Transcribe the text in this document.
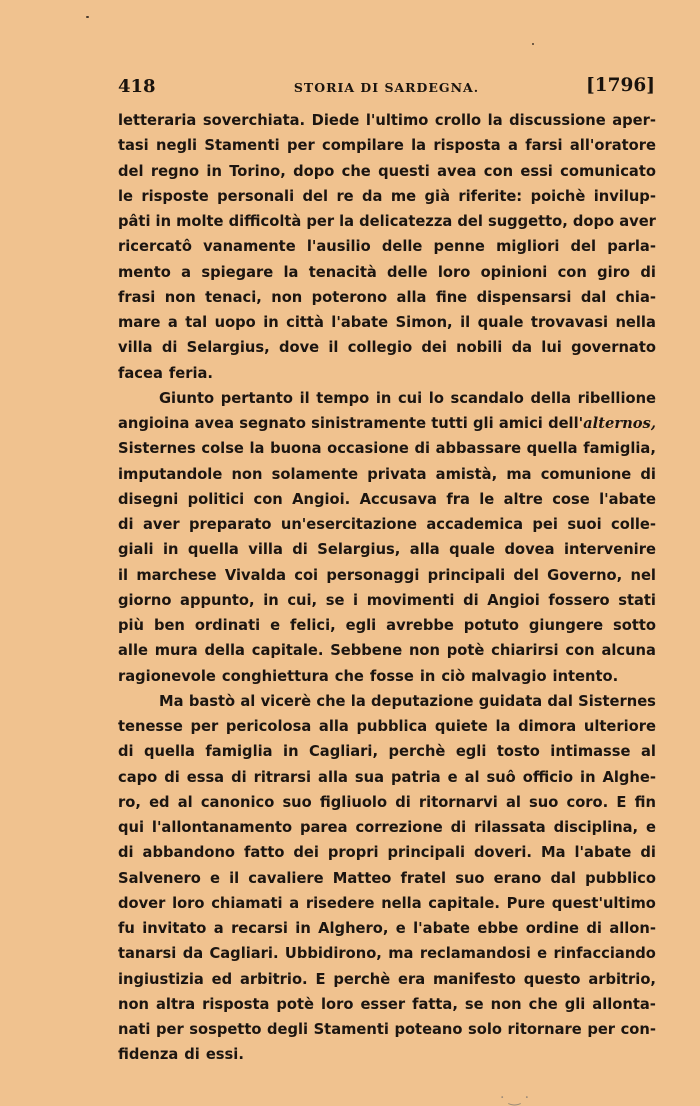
418	STORIA DI SARDEGNA.	[1796]
letteraria soverchiata. Diede l'ultimo crollo la discussione aper-
tasi negli Stamenti per compilare la risposta a farsi all'oratore
del regno in Torino, dopo che questi avea con essi comunicato
le risposte personali del re da me già riferite: poichè invilup-
pâti in molte difficoltà per la delicatezza del suggetto, dopo aver
ricercatô vanamente l'ausilio delle penne migliori del parla-
mento a spiegare la tenacità delle loro opinioni con giro di
frasi non tenaci, non poterono alla fine dispensarsi dal chia-
mare a tal uopo in città l'abate Simon, il quale trovavasi nella
villa di Selargius, dove il collegio dei nobili da lui governato
facea feria.
Giunto pertanto il tempo in cui lo scandalo della ribellione
angioina avea segnato sinistramente tutti gli amici dell'alternos,
Sisternes colse la buona occasione di abbassare quella famiglia,
imputandole non solamente privata amistà, ma comunione di
disegni politici con Angioi. Accusava fra le altre cose l'abate
di aver preparato un'esercitazione accademica pei suoi colle-
giali in quella villa di Selargius, alla quale dovea intervenire
il marchese Vivalda coi personaggi principali del Governo, nel
giorno appunto, in cui, se i movimenti di Angioi fossero stati
più ben ordinati e felici, egli avrebbe potuto giungere sotto
alle mura della capitale. Sebbene non potè chiarirsi con alcuna
ragionevole conghiettura che fosse in ciò malvagio intento.
Ma bastò al vicerè che la deputazione guidata dal Sisternes
tenesse per pericolosa alla pubblica quiete la dimora ulteriore
di quella famiglia in Cagliari, perchè egli tosto intimasse al
capo di essa di ritrarsi alla sua patria e al suô officio in Alghe-
ro, ed al canonico suo figliuolo di ritornarvi al suo coro. E fin
qui l'allontanamento parea correzione di rilassata disciplina, e
di abbandono fatto dei propri principali doveri. Ma l'abate di
Salvenero e il cavaliere Matteo fratel suo erano dal pubblico
dover loro chiamati a risedere nella capitale. Pure quest'ultimo
fu invitato a recarsi in Alghero, e l'abate ebbe ordine di allon-
tanarsi da Cagliari. Ubbidirono, ma reclamandosi e rinfacciando
ingiustizia ed arbitrio. E perchè era manifesto questo arbitrio,
non altra risposta potè loro esser fatta, se non che gli allonta-
nati per sospetto degli Stamenti poteano solo ritornare per con-
fidenza di essi.
· ‿ ·
